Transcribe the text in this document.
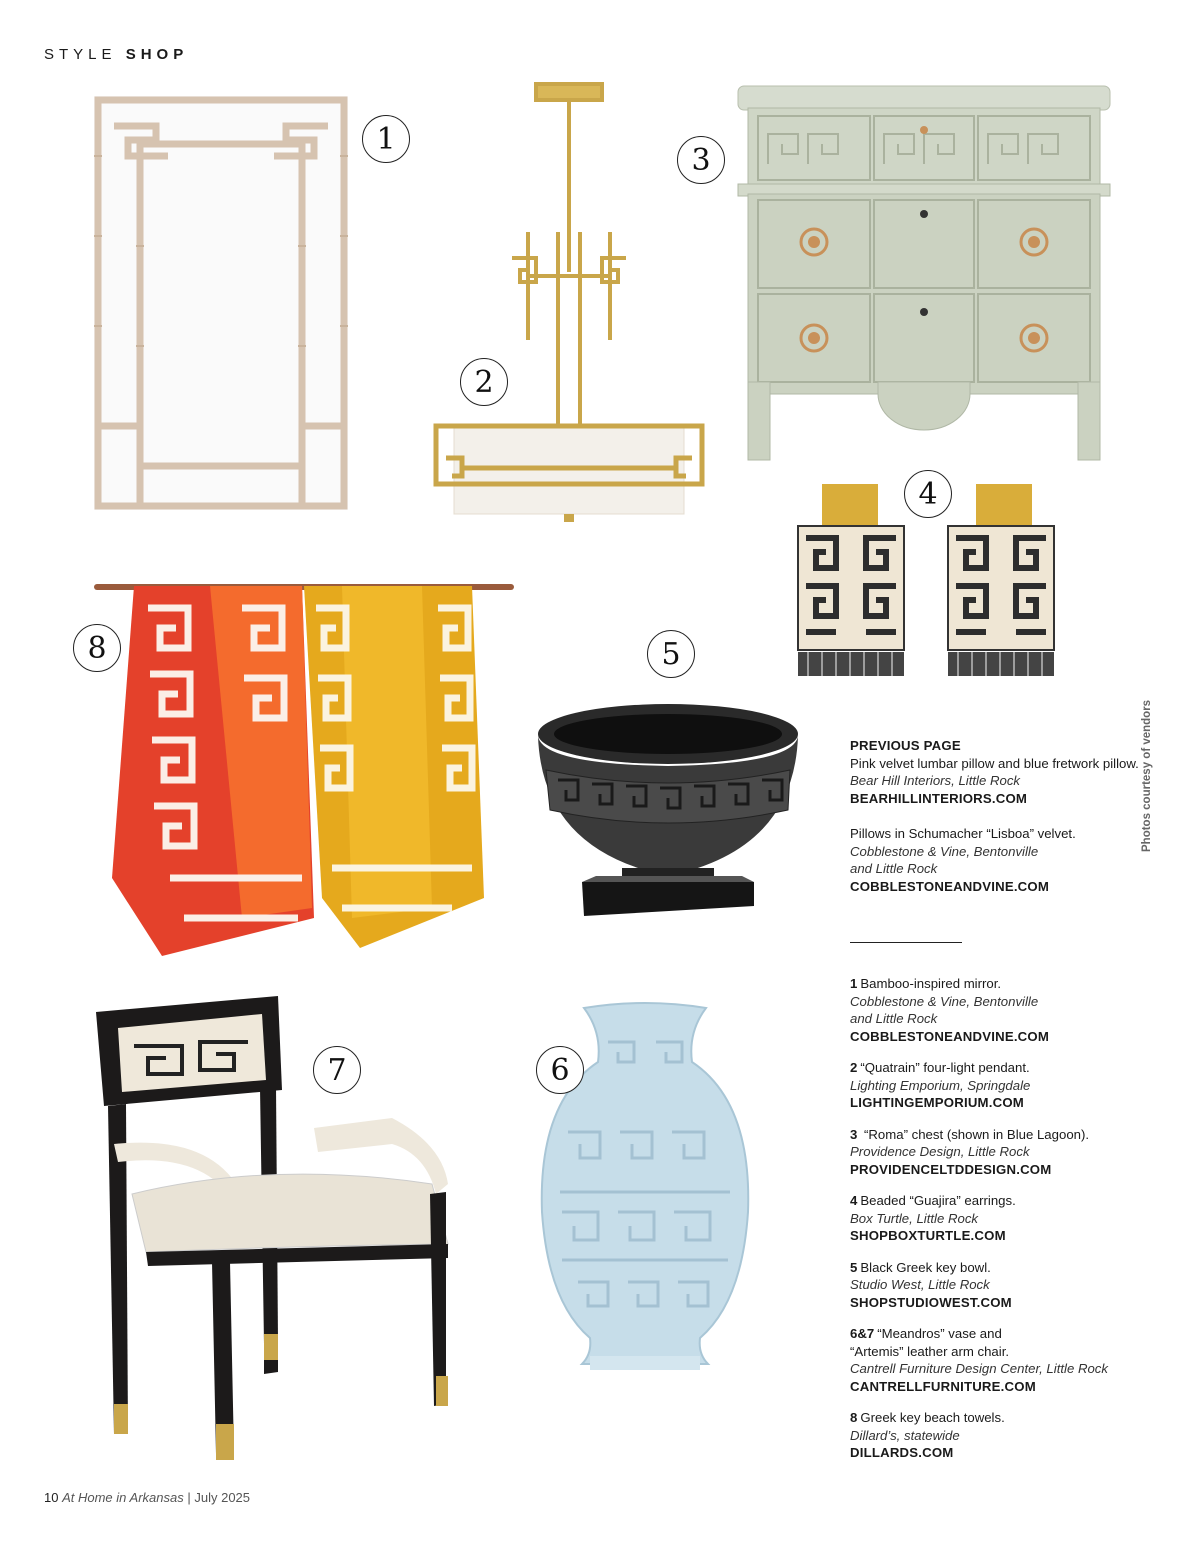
STYLE SHOP
1
2
3
4
8	5
7	6
PREVIOUS PAGE
Pink velvet lumbar pillow and blue fretwork pillow.
Bear Hill Interiors, Little Rock
BEARHILLINTERIORS.COM
Pillows in Schumacher “Lisboa” velvet.
Cobblestone & Vine, Bentonville and Little Rock
COBBLESTONEANDVINE.COM
1 Bamboo-inspired mirror.
Cobblestone & Vine, Bentonville and Little Rock
COBBLESTONEANDVINE.COM
2 “Quatrain” four-light pendant.
Lighting Emporium, Springdale
LIGHTINGEMPORIUM.COM
3 “Roma” chest (shown in Blue Lagoon).
Providence Design, Little Rock
PROVIDENCELTDDESIGN.COM
4 Beaded “Guajira” earrings.
Box Turtle, Little Rock
SHOPBOXTURTLE.COM
5 Black Greek key bowl.
Studio West, Little Rock
SHOPSTUDIOWEST.COM
6&7 “Meandros” vase and “Artemis” leather arm chair.
Cantrell Furniture Design Center, Little Rock
CANTRELLFURNITURE.COM
8 Greek key beach towels.
Dillard’s, statewide
DILLARDS.COM
Photos courtesy of vendors
10 At Home in Arkansas | July 2025
